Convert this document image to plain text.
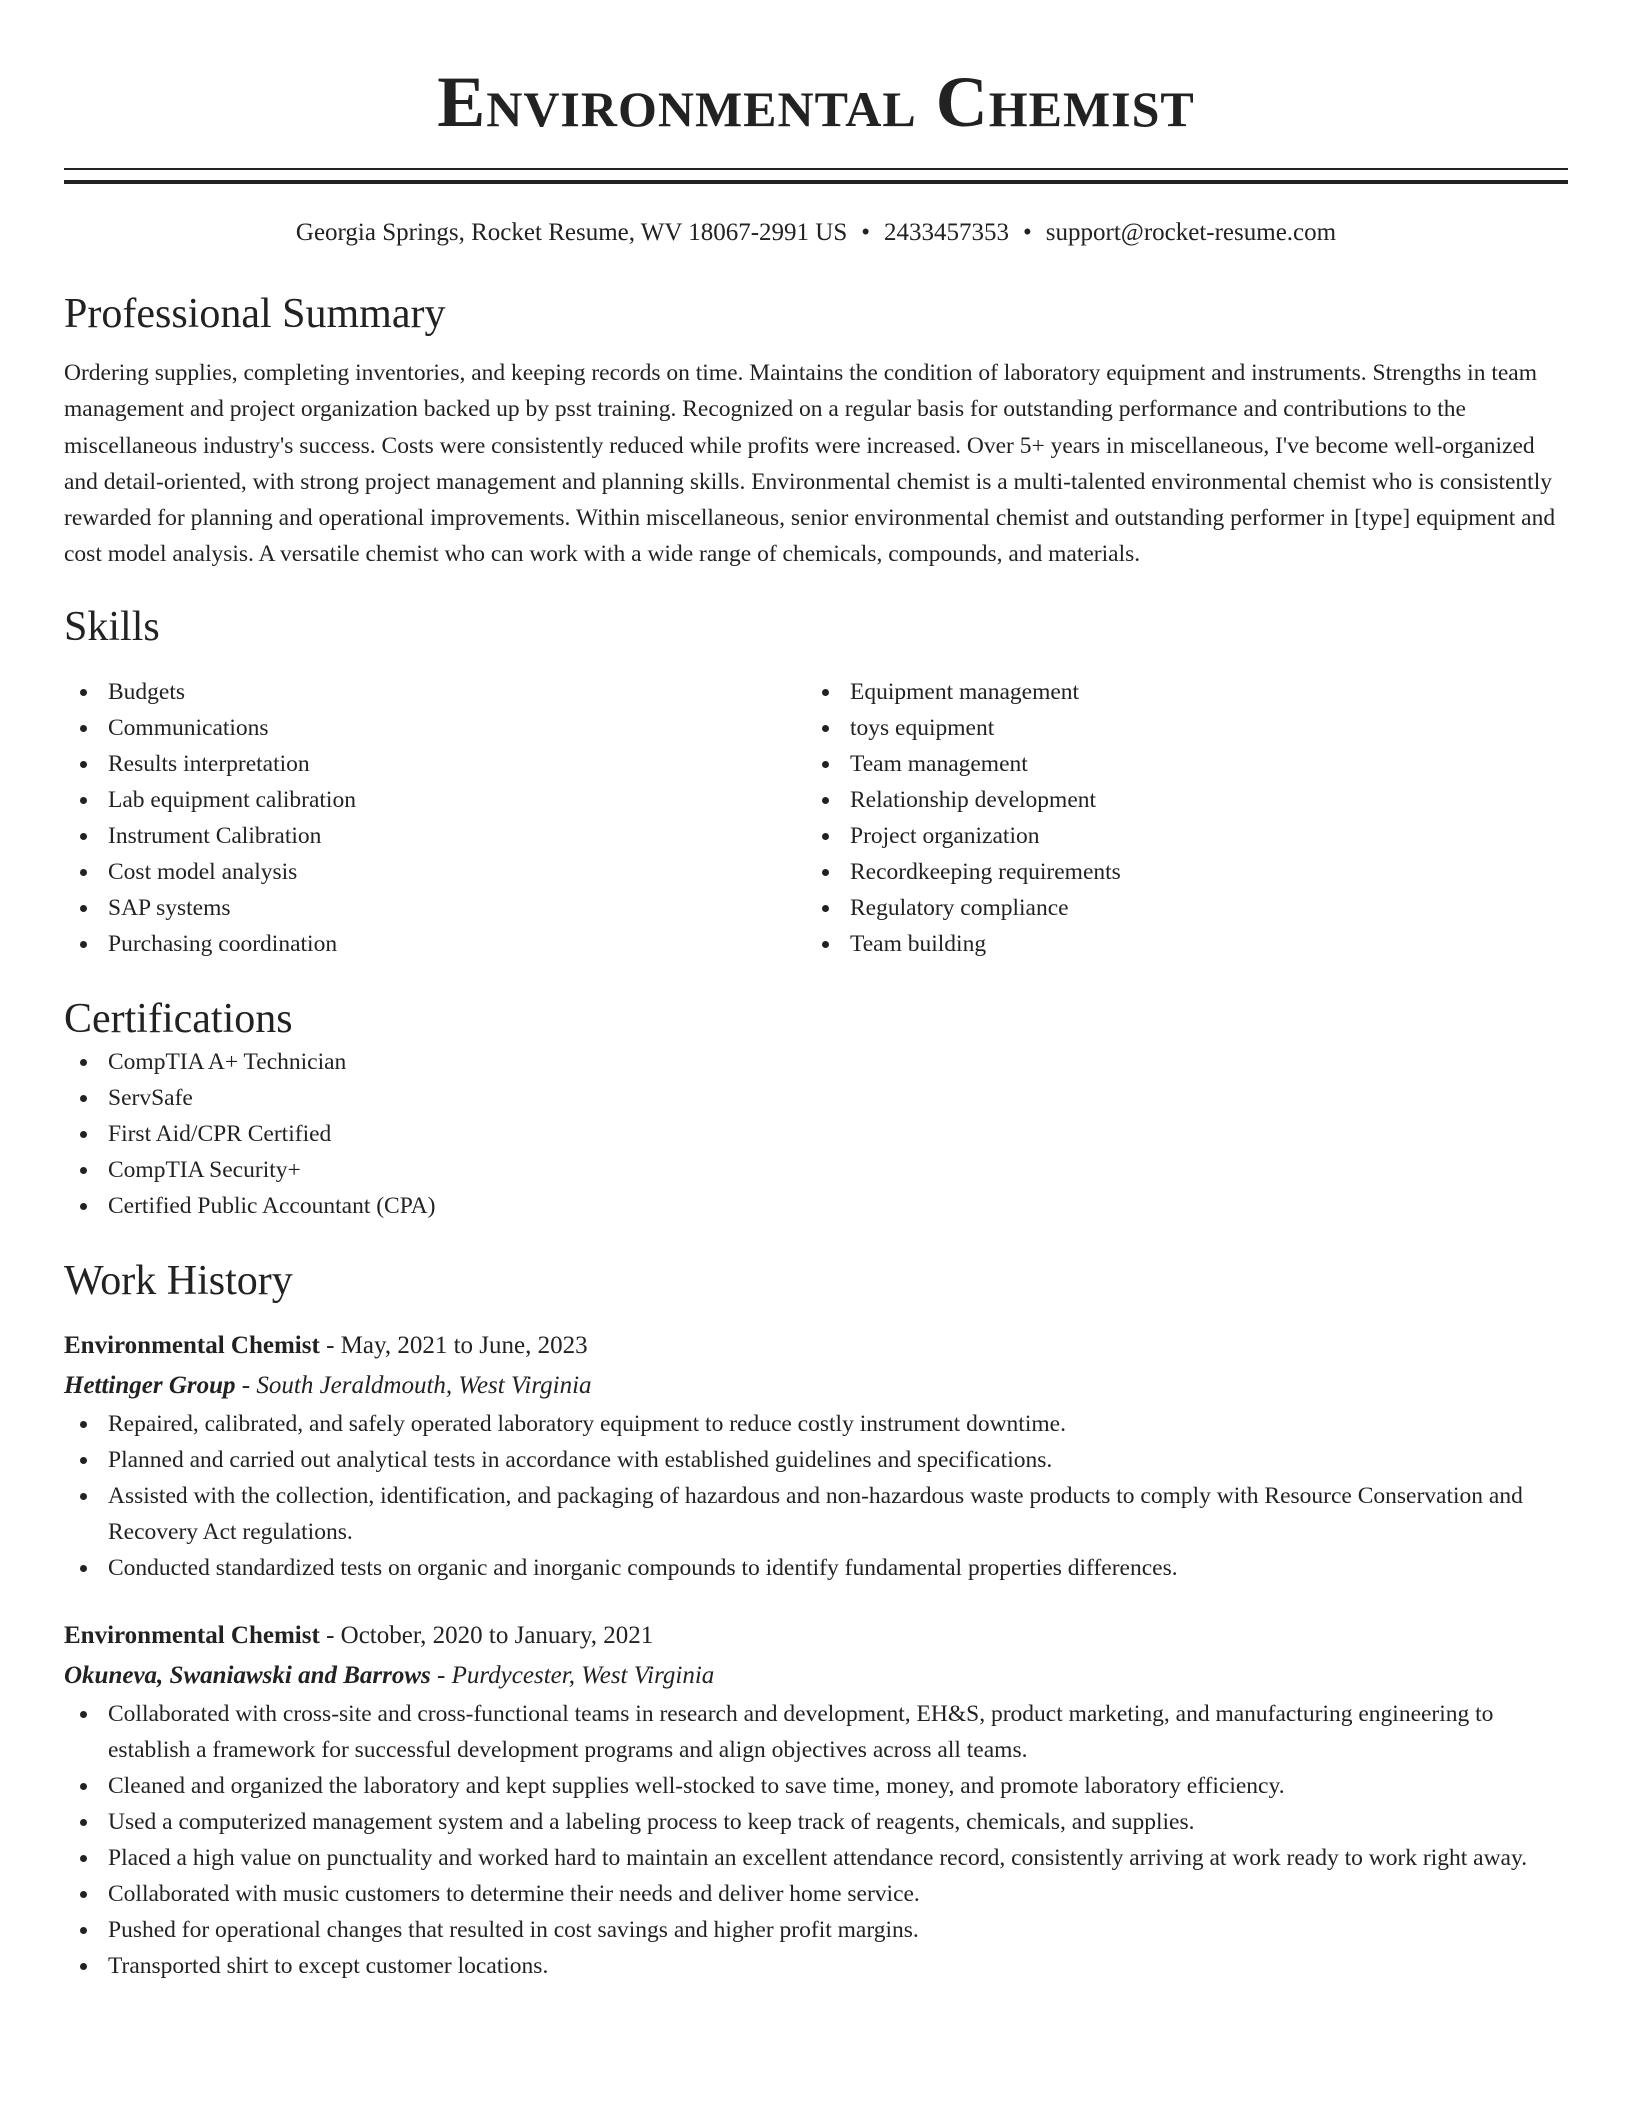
Environmental Chemist
Georgia Springs, Rocket Resume, WV 18067-2991 US • 2433457353 • support@rocket-resume.com
Professional Summary

Ordering supplies, completing inventories, and keeping records on time. Maintains the condition of laboratory equipment and instruments. Strengths in team management and project organization backed up by psst training. Recognized on a regular basis for outstanding performance and contributions to the miscellaneous industry's success. Costs were consistently reduced while profits were increased. Over 5+ years in miscellaneous, I've become well-organized and detail-oriented, with strong project management and planning skills. Environmental chemist is a multi-talented environmental chemist who is consistently rewarded for planning and operational improvements. Within miscellaneous, senior environmental chemist and outstanding performer in [type] equipment and cost model analysis. A versatile chemist who can work with a wide range of chemicals, compounds, and materials.

Skills
Budgets
Communications
Results interpretation
Lab equipment calibration
Instrument Calibration
Cost model analysis
SAP systems
Purchasing coordination
Equipment management
toys equipment
Team management
Relationship development
Project organization
Recordkeeping requirements
Regulatory compliance
Team building
Certifications
CompTIA A+ Technician
ServSafe
First Aid/CPR Certified
CompTIA Security+
Certified Public Accountant (CPA)
Work History
Environmental Chemist - May, 2021 to June, 2023
Hettinger Group - South Jeraldmouth, West Virginia
Repaired, calibrated, and safely operated laboratory equipment to reduce costly instrument downtime.
Planned and carried out analytical tests in accordance with established guidelines and specifications.
Assisted with the collection, identification, and packaging of hazardous and non-hazardous waste products to comply with Resource Conservation and Recovery Act regulations.
Conducted standardized tests on organic and inorganic compounds to identify fundamental properties differences.
Environmental Chemist - October, 2020 to January, 2021
Okuneva, Swaniawski and Barrows - Purdycester, West Virginia
Collaborated with cross-site and cross-functional teams in research and development, EH&S, product marketing, and manufacturing engineering to establish a framework for successful development programs and align objectives across all teams.
Cleaned and organized the laboratory and kept supplies well-stocked to save time, money, and promote laboratory efficiency.
Used a computerized management system and a labeling process to keep track of reagents, chemicals, and supplies.
Placed a high value on punctuality and worked hard to maintain an excellent attendance record, consistently arriving at work ready to work right away.
Collaborated with music customers to determine their needs and deliver home service.
Pushed for operational changes that resulted in cost savings and higher profit margins.
Transported shirt to except customer locations.
